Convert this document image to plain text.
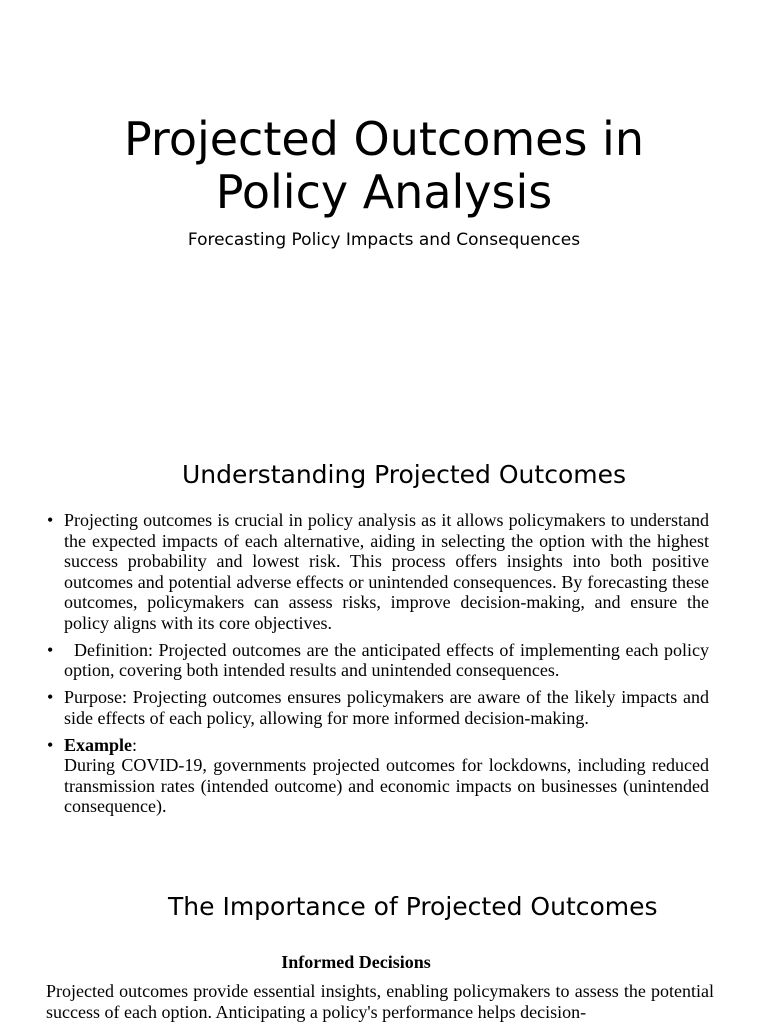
Projected Outcomes in
Policy Analysis

Forecasting Policy Impacts and Consequences

Understanding Projected Outcomes
• Projecting outcomes is crucial in policy analysis as it allows policymakers to understand the expected impacts of each alternative, aiding in selecting the option with the highest success probability and lowest risk. This process offers insights into both positive outcomes and potential adverse effects or unintended consequences. By forecasting these outcomes, policymakers can assess risks, improve decision-making, and ensure the policy aligns with its core objectives.
• Definition: Projected outcomes are the anticipated effects of implementing each policy option, covering both intended results and unintended consequences.
• Purpose: Projecting outcomes ensures policymakers are aware of the likely impacts and side effects of each policy, allowing for more informed decision-making.
• Example:
During COVID-19, governments projected outcomes for lockdowns, including reduced transmission rates (intended outcome) and economic impacts on businesses (unintended consequence).
The Importance of Projected Outcomes

Informed Decisions

Projected outcomes provide essential insights, enabling policymakers to assess the potential success of each option. Anticipating a policy's performance helps decision-
